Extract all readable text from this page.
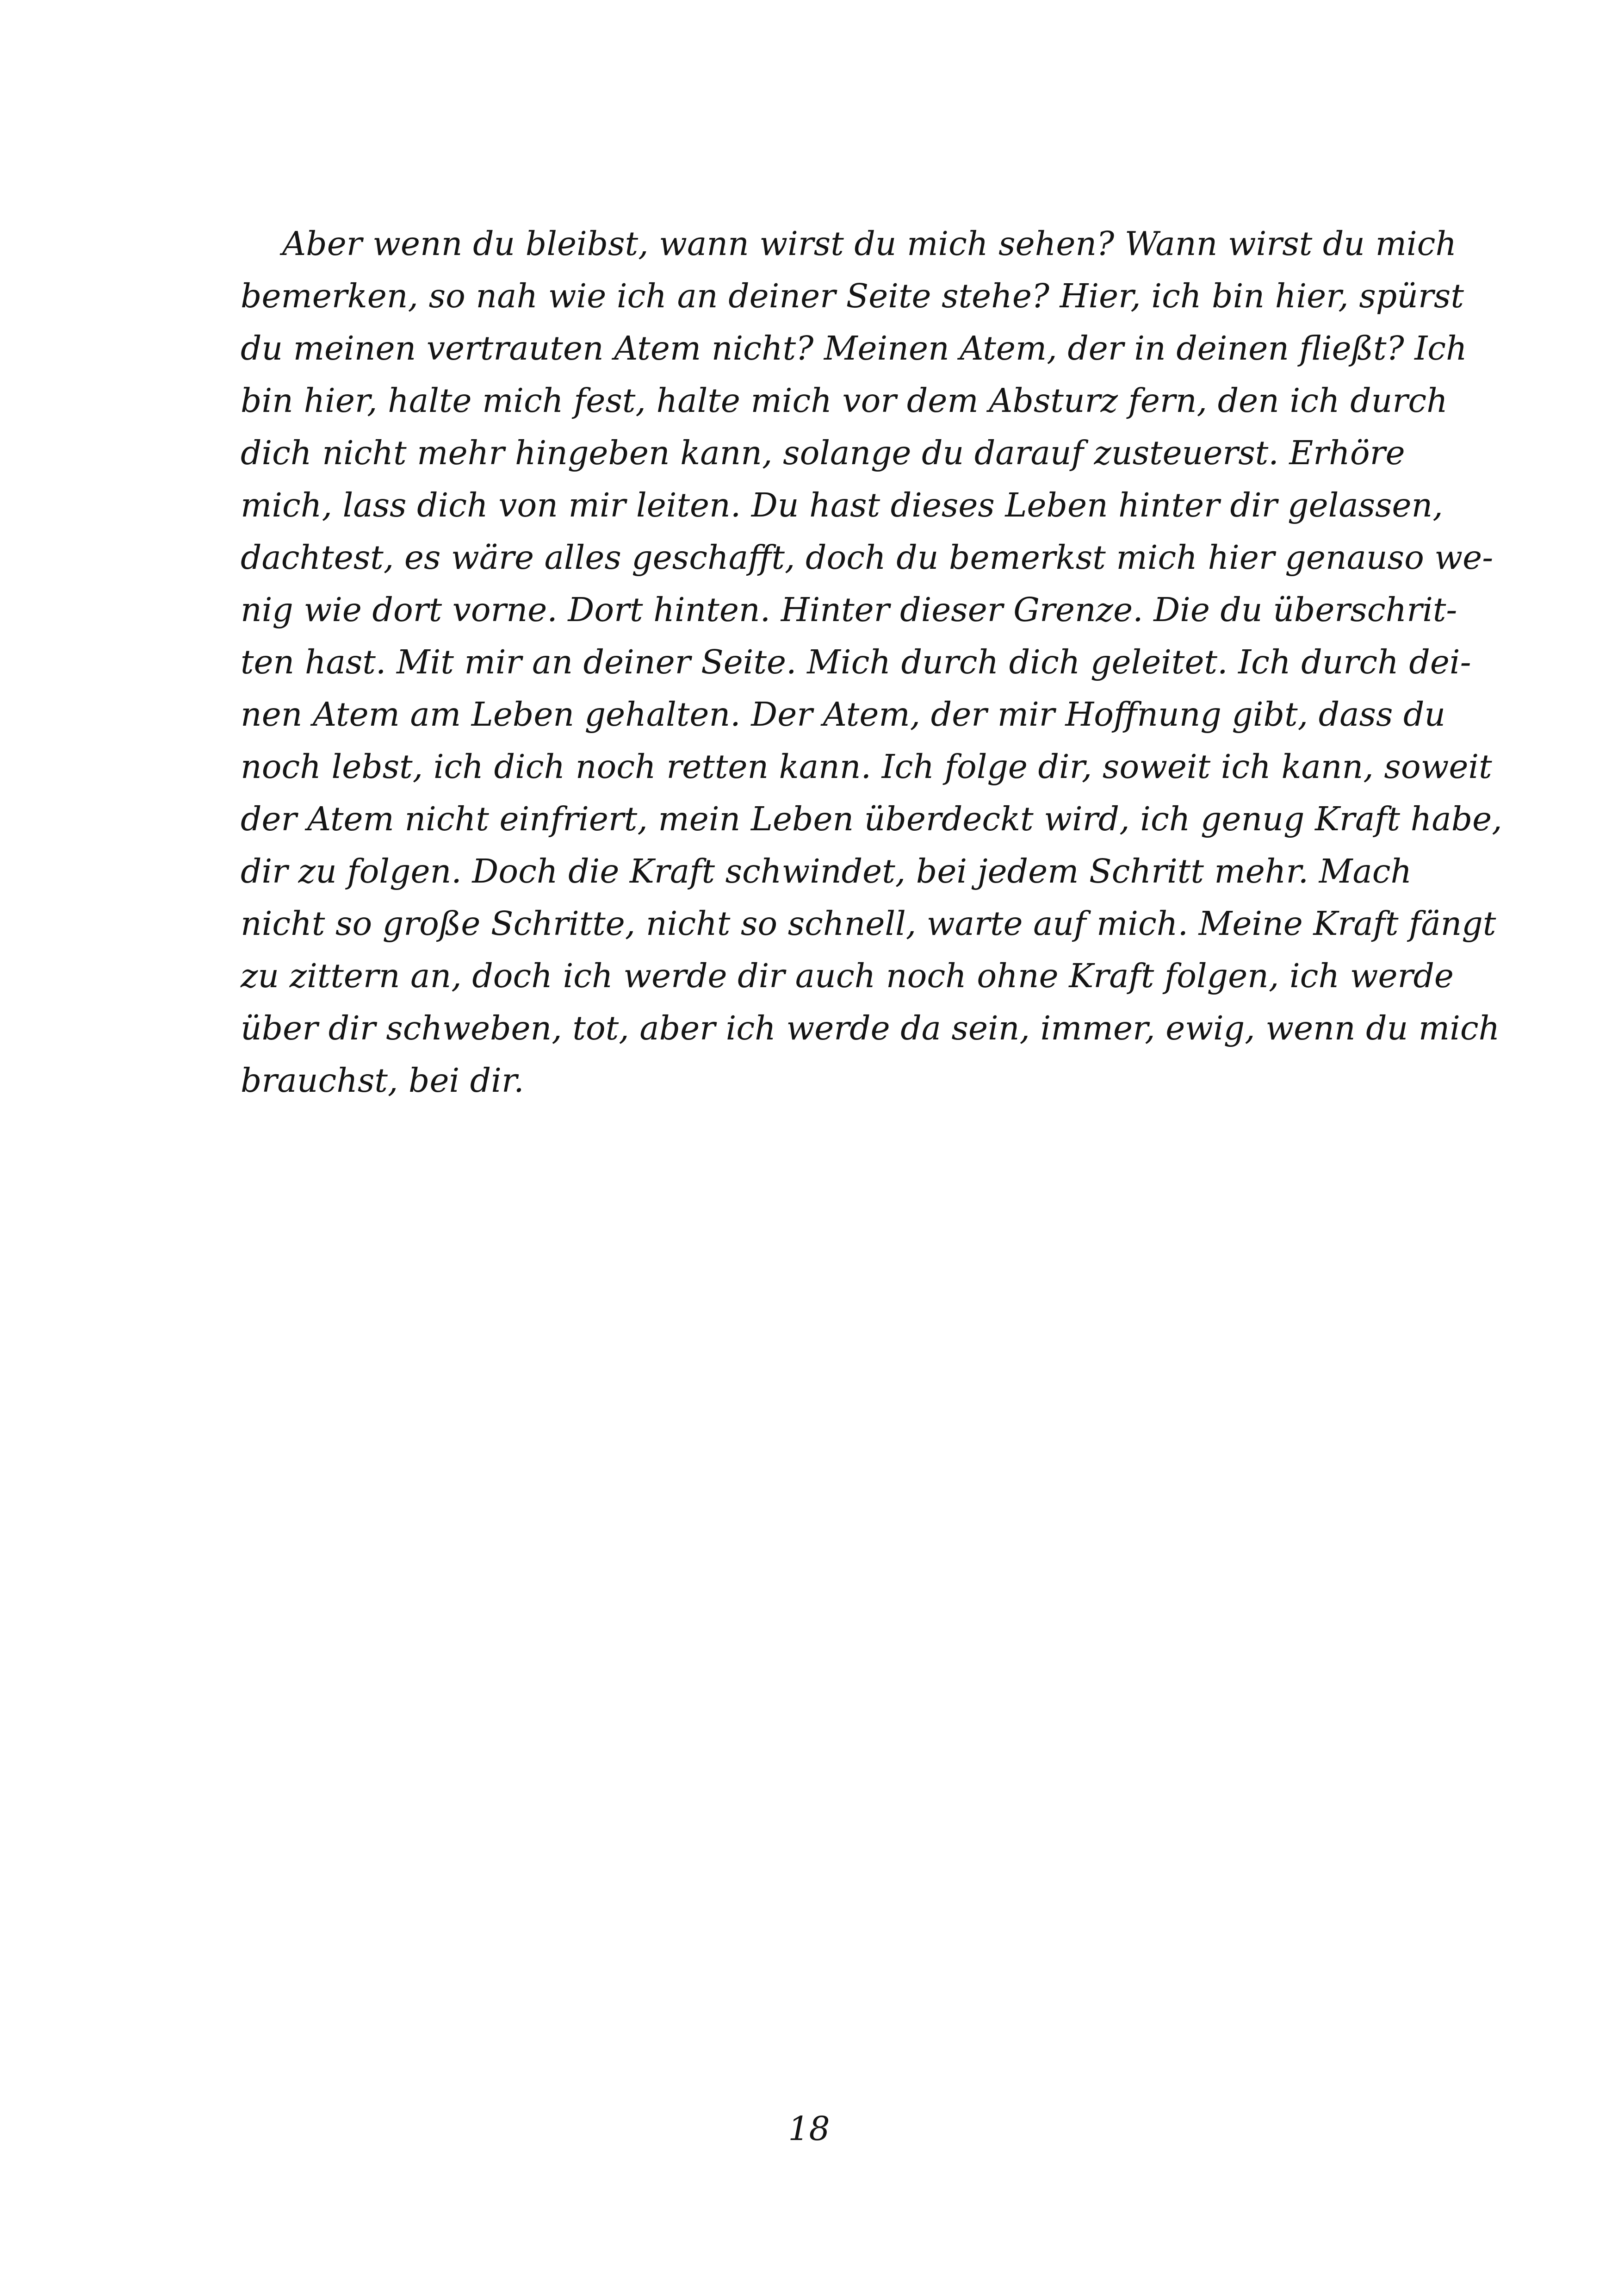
Aber wenn du bleibst, wann wirst du mich sehen? Wann wirst du mich
bemerken, so nah wie ich an deiner Seite stehe? Hier, ich bin hier, spürst
du meinen vertrauten Atem nicht? Meinen Atem, der in deinen fließt? Ich
bin hier, halte mich fest, halte mich vor dem Absturz fern, den ich durch
dich nicht mehr hingeben kann, solange du darauf zusteuerst. Erhöre
mich, lass dich von mir leiten. Du hast dieses Leben hinter dir gelassen,
dachtest, es wäre alles geschafft, doch du bemerkst mich hier genauso we-
nig wie dort vorne. Dort hinten. Hinter dieser Grenze. Die du überschrit-
ten hast. Mit mir an deiner Seite. Mich durch dich geleitet. Ich durch dei-
nen Atem am Leben gehalten. Der Atem, der mir Hoffnung gibt, dass du
noch lebst, ich dich noch retten kann. Ich folge dir, soweit ich kann, soweit
der Atem nicht einfriert, mein Leben überdeckt wird, ich genug Kraft habe,
dir zu folgen. Doch die Kraft schwindet, bei jedem Schritt mehr. Mach
nicht so große Schritte, nicht so schnell, warte auf mich. Meine Kraft fängt
zu zittern an, doch ich werde dir auch noch ohne Kraft folgen, ich werde
über dir schweben, tot, aber ich werde da sein, immer, ewig, wenn du mich
brauchst, bei dir.
18
